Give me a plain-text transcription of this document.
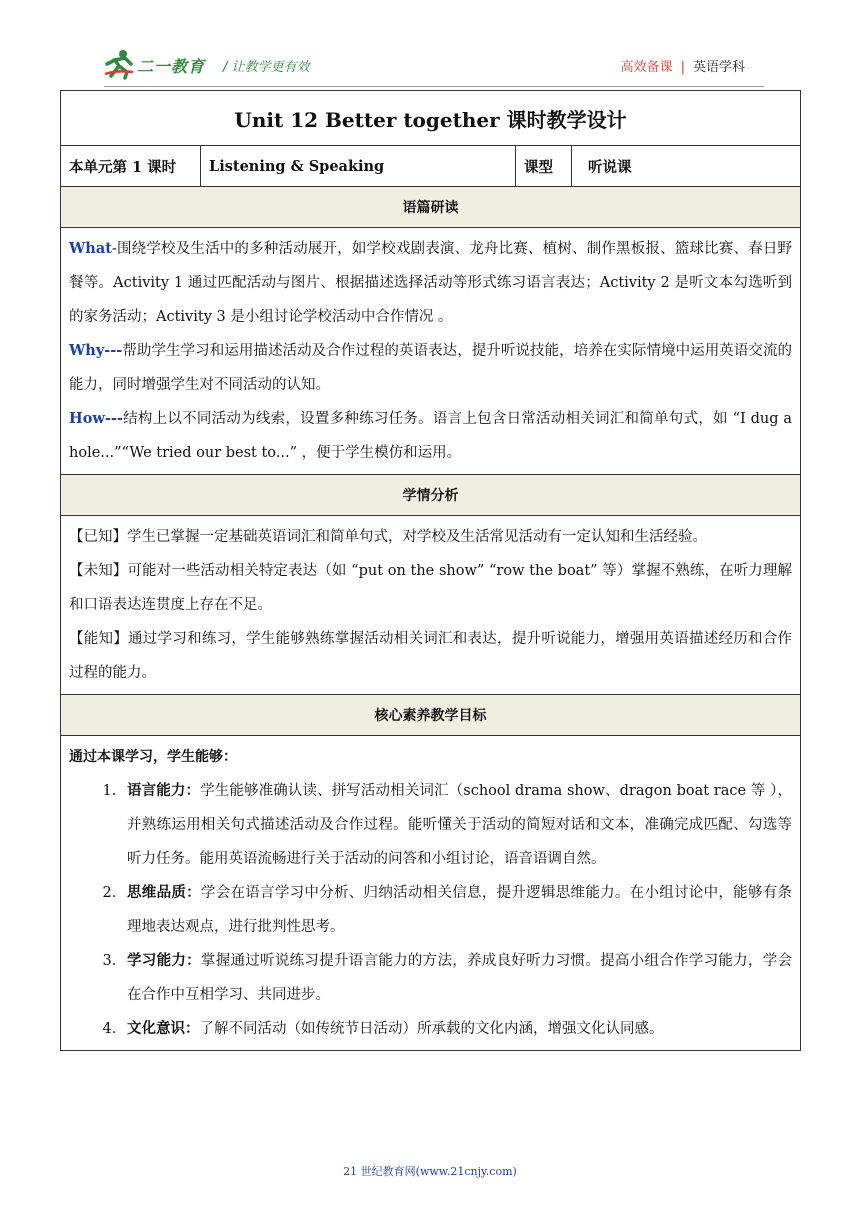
二一教育 / 让教学更有效	高效备课 | 英语学科
Unit 12 Better together 课时教学设计
本单元第 1 课时	Listening & Speaking	课型	听说课
语篇研读

What-围绕学校及生活中的多种活动展开，如学校戏剧表演、龙舟比赛、植树、制作黑板报、篮球比赛、春日野餐等。Activity 1 通过匹配活动与图片、根据描述选择活动等形式练习语言表达；Activity 2 是听文本勾选听到的家务活动；Activity 3 是小组讨论学校活动中合作情况 。

Why---帮助学生学习和运用描述活动及合作过程的英语表达，提升听说技能，培养在实际情境中运用英语交流的能力，同时增强学生对不同活动的认知。

How---结构上以不同活动为线索，设置多种练习任务。语言上包含日常活动相关词汇和简单句式，如 “I dug a hole...”“We tried our best to...” ，便于学生模仿和运用。

学情分析

【已知】学生已掌握一定基础英语词汇和简单句式，对学校及生活常见活动有一定认知和生活经验。

【未知】可能对一些活动相关特定表达（如 “put on the show” “row the boat” 等）掌握不熟练，在听力理解和口语表达连贯度上存在不足。

【能知】通过学习和练习，学生能够熟练掌握活动相关词汇和表达，提升听说能力，增强用英语描述经历和合作过程的能力。

核心素养教学目标

通过本课学习，学生能够：

1. 语言能力：学生能够准确认读、拼写活动相关词汇（school drama show、dragon boat race 等 ），并熟练运用相关句式描述活动及合作过程。能听懂关于活动的简短对话和文本，准确完成匹配、勾选等听力任务。能用英语流畅进行关于活动的问答和小组讨论，语音语调自然。
2. 思维品质：学会在语言学习中分析、归纳活动相关信息，提升逻辑思维能力。在小组讨论中，能够有条理地表达观点，进行批判性思考。
3. 学习能力：掌握通过听说练习提升语言能力的方法，养成良好听力习惯。提高小组合作学习能力，学会在合作中互相学习、共同进步。
4. 文化意识：了解不同活动（如传统节日活动）所承载的文化内涵，增强文化认同感。
21 世纪教育网(www.21cnjy.com)
